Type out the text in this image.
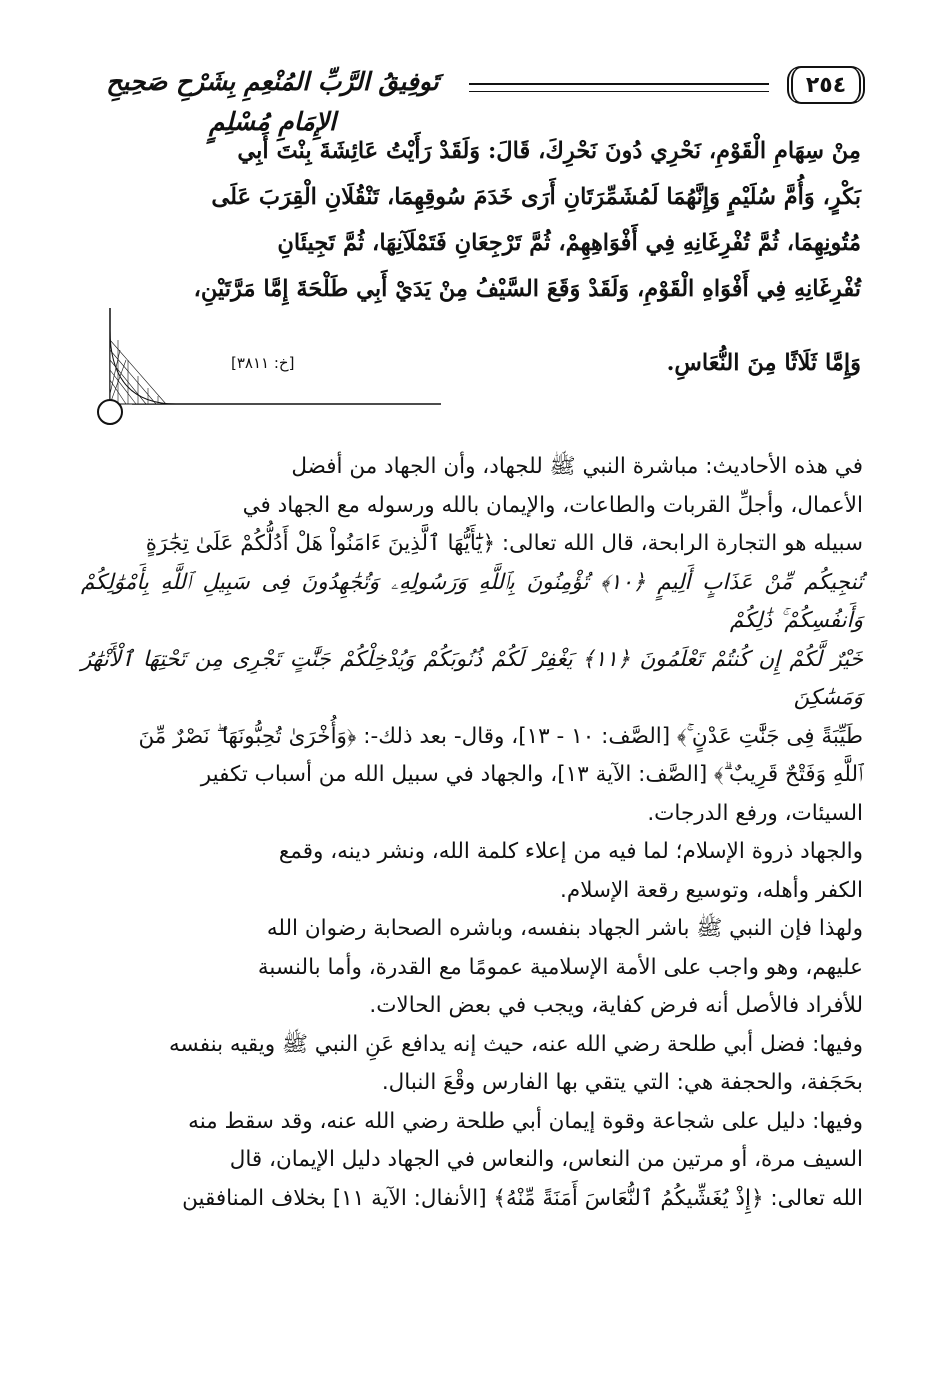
٢٥٤
تَوفِيقُ الرَّبِّ المُنْعِمِ بِشَرْحِ صَحِيحِ الإِمَامِ مُسْلِمٍ
مِنْ سِهَامِ الْقَوْمِ، نَحْرِي دُونَ نَحْرِكَ، قَالَ: وَلَقَدْ رَأَيْتُ عَائِشَةَ بِنْتَ أَبِي
بَكْرٍ، وَأُمَّ سُلَيْمٍ وَإِنَّهُمَا لَمُشَمِّرَتَانِ أَرَى خَدَمَ سُوقِهِمَا، تَنْقُلَانِ الْقِرَبَ عَلَى
مُتُونِهِمَا، ثُمَّ تُفْرِغَانِهِ فِي أَفْوَاهِهِمْ، ثُمَّ تَرْجِعَانِ فَتَمْلَآنِهَا، ثُمَّ تَجِيئَانِ
تُفْرِغَانِهِ فِي أَفْوَاهِ الْقَوْمِ، وَلَقَدْ وَقَعَ السَّيْفُ مِنْ يَدَيْ أَبِي طَلْحَةَ إِمَّا مَرَّتَيْنِ،
وَإِمَّا ثَلَاثًا مِنَ النُّعَاسِ.
[خ: ٣٨١١]
في هذه الأحاديث: مباشرة النبي ﷺ للجهاد، وأن الجهاد من أفضل
الأعمال، وأجلِّ القربات والطاعات، والإيمان بالله ورسوله مع الجهاد في
سبيله هو التجارة الرابحة، قال الله تعالى: ﴿يَٰٓأَيُّهَا ٱلَّذِينَ ءَامَنُواْ هَلْ أَدُلُّكُمْ عَلَىٰ تِجَٰرَةٍ
تُنجِيكُم مِّنْ عَذَابٍ أَلِيمٍ ﴿١٠﴾ تُؤْمِنُونَ بِٱللَّهِ وَرَسُولِهِۦ وَتُجَٰهِدُونَ فِى سَبِيلِ ٱللَّهِ بِأَمْوَٰلِكُمْ وَأَنفُسِكُمْ ۚ ذَٰلِكُمْ
خَيْرٌ لَّكُمْ إِن كُنتُمْ تَعْلَمُونَ ﴿١١﴾ يَغْفِرْ لَكُمْ ذُنُوبَكُمْ وَيُدْخِلْكُمْ جَنَّٰتٍ تَجْرِى مِن تَحْتِهَا ٱلْأَنْهَٰرُ وَمَسَٰكِنَ
طَيِّبَةً فِى جَنَّٰتِ عَدْنٍ ۚ﴾ [الصَّف: ١٠ - ١٣]، وقال- بعد ذلك-: ﴿وَأُخْرَىٰ تُحِبُّونَهَا ۖ نَصْرٌ مِّنَ
ٱللَّهِ وَفَتْحٌ قَرِيبٌ ۗ﴾ [الصَّف: الآية ١٣]، والجهاد في سبيل الله من أسباب تكفير
السيئات، ورفع الدرجات.
والجهاد ذروة الإسلام؛ لما فيه من إعلاء كلمة الله، ونشر دينه، وقمع
الكفر وأهله، وتوسيع رقعة الإسلام.
ولهذا فإن النبي ﷺ باشر الجهاد بنفسه، وباشره الصحابة رضوان الله
عليهم، وهو واجب على الأمة الإسلامية عمومًا مع القدرة، وأما بالنسبة
للأفراد فالأصل أنه فرض كفاية، ويجب في بعض الحالات.
وفيها: فضل أبي طلحة رضي الله عنه، حيث إنه يدافع عَنِ النبي ﷺ ويقيه بنفسه
بحَجَفة، والحجفة هي: التي يتقي بها الفارس وقْعَ النبال.
وفيها: دليل على شجاعة وقوة إيمان أبي طلحة رضي الله عنه، وقد سقط منه
السيف مرة، أو مرتين من النعاس، والنعاس في الجهاد دليل الإيمان، قال
الله تعالى: ﴿إِذْ يُغَشِّيكُمُ ٱلنُّعَاسَ أَمَنَةً مِّنْهُ﴾ [الأنفال: الآية ١١] بخلاف المنافقين
